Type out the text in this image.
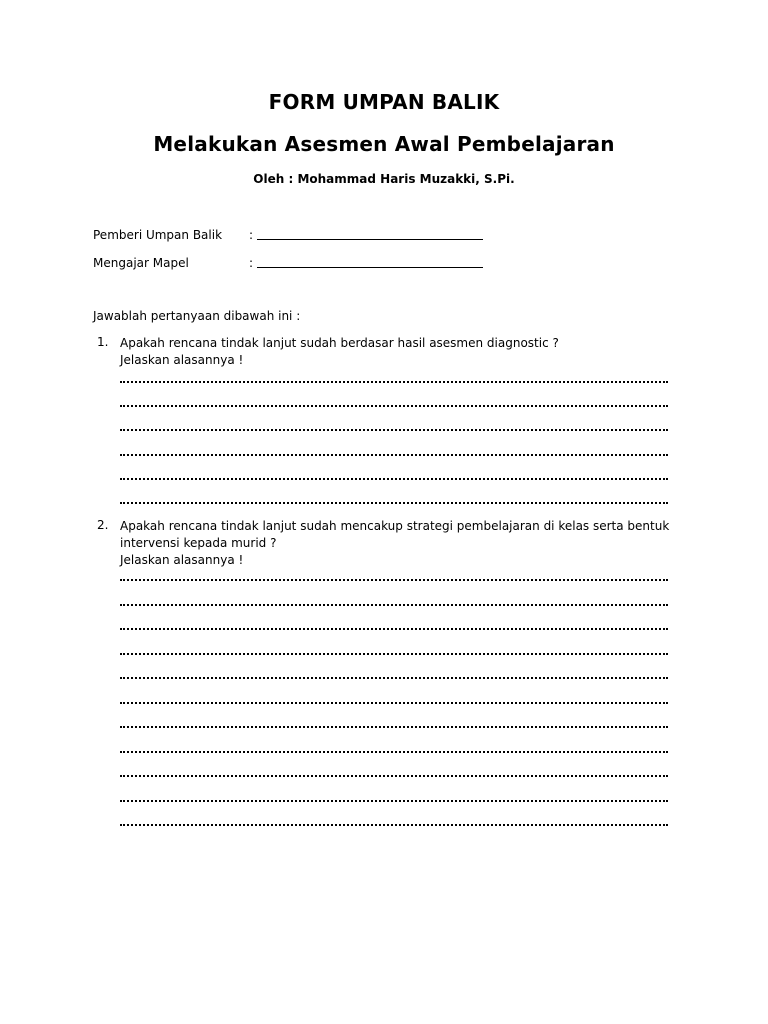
FORM UMPAN BALIK
Melakukan Asesmen Awal Pembelajaran
Oleh : Mohammad Haris Muzakki, S.Pi.
Pemberi Umpan Balik :
Mengajar Mapel	:
Jawablah pertanyaan dibawah ini :
1. Apakah rencana tindak lanjut sudah berdasar hasil asesmen diagnostic ?
Jelaskan alasannya !
2. Apakah rencana tindak lanjut sudah mencakup strategi pembelajaran di kelas serta bentuk intervensi kepada murid ?
Jelaskan alasannya !
